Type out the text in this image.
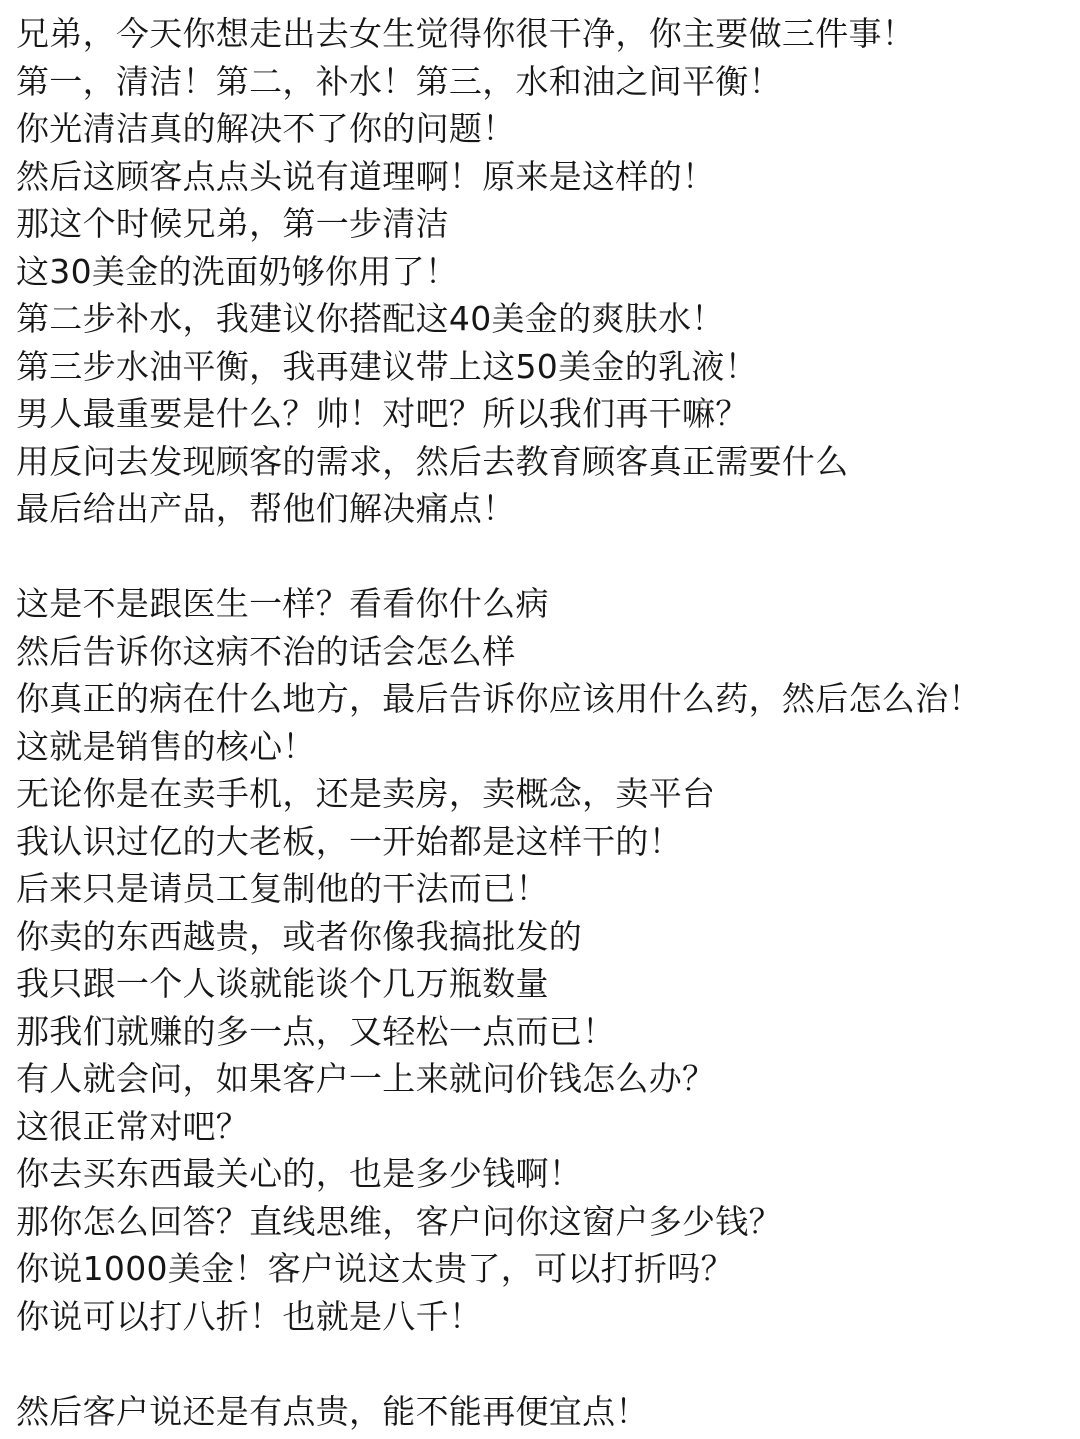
兄弟，今天你想走出去女生觉得你很干净，你主要做三件事！
第一，清洁！第二，补水！第三，水和油之间平衡！
你光清洁真的解决不了你的问题！
然后这顾客点点头说有道理啊！原来是这样的！
那这个时候兄弟，第一步清洁
这30美金的洗面奶够你用了！
第二步补水，我建议你搭配这40美金的爽肤水！
第三步水油平衡，我再建议带上这50美金的乳液！
男人最重要是什么？帅！对吧？所以我们再干嘛？
用反问去发现顾客的需求，然后去教育顾客真正需要什么
最后给出产品，帮他们解决痛点！
这是不是跟医生一样？看看你什么病
然后告诉你这病不治的话会怎么样
你真正的病在什么地方，最后告诉你应该用什么药，然后怎么治！
这就是销售的核心！
无论你是在卖手机，还是卖房，卖概念，卖平台
我认识过亿的大老板，一开始都是这样干的！
后来只是请员工复制他的干法而已！
你卖的东西越贵，或者你像我搞批发的
我只跟一个人谈就能谈个几万瓶数量
那我们就赚的多一点，又轻松一点而已！
有人就会问，如果客户一上来就问价钱怎么办？
这很正常对吧？
你去买东西最关心的，也是多少钱啊！
那你怎么回答？直线思维，客户问你这窗户多少钱？
你说1000美金！客户说这太贵了，可以打折吗？
你说可以打八折！也就是八千！
然后客户说还是有点贵，能不能再便宜点！
